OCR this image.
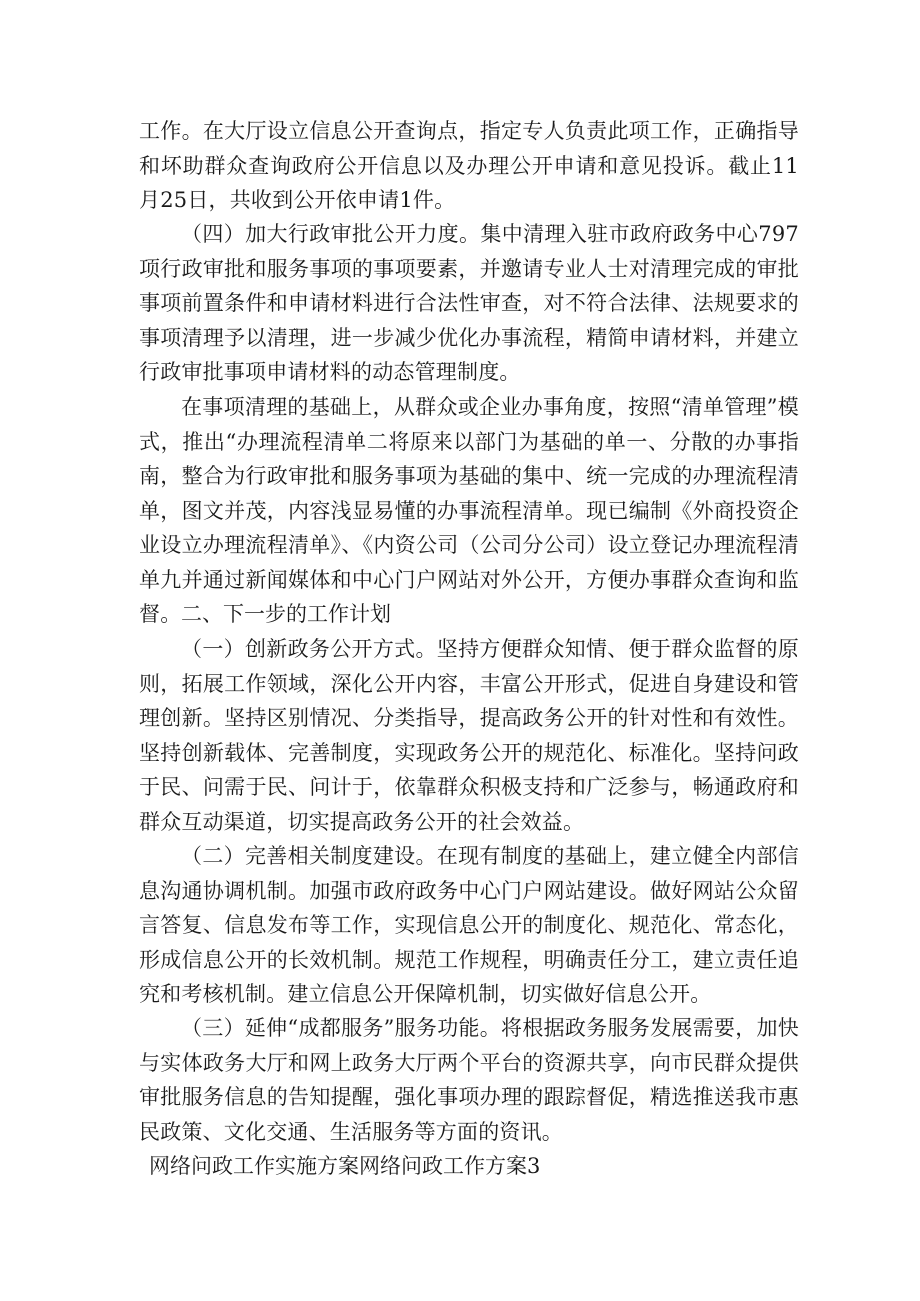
工作。在大厅设立信息公开查询点，指定专人负责此项工作，正确指导和坏助群众查询政府公开信息以及办理公开申请和意见投诉。截止11月25日，共收到公开依申请1件。

（四）加大行政审批公开力度。集中清理入驻市政府政务中心797项行政审批和服务事项的事项要素，并邀请专业人士对清理完成的审批事项前置条件和申请材料进行合法性审查，对不符合法律、法规要求的事项清理予以清理，进一步减少优化办事流程，精简申请材料，并建立行政审批事项申请材料的动态管理制度。

在事项清理的基础上，从群众或企业办事角度，按照“清单管理”模式，推出“办理流程清单二将原来以部门为基础的单一、分散的办事指南，整合为行政审批和服务事项为基础的集中、统一完成的办理流程清单，图文并茂，内容浅显易懂的办事流程清单。现已编制《外商投资企业设立办理流程清单》、《内资公司（公司分公司）设立登记办理流程清单九并通过新闻媒体和中心门户网站对外公开，方便办事群众查询和监督。 二、下一步的工作计划

（一）创新政务公开方式。坚持方便群众知情、便于群众监督的原则，拓展工作领域，深化公开内容，丰富公开形式，促进自身建设和管理创新。坚持区别情况、分类指导，提高政务公开的针对性和有效性。坚持创新载体、完善制度，实现政务公开的规范化、标准化。坚持问政于民、问需于民、问计于，依靠群众积极支持和广泛参与，畅通政府和群众互动渠道，切实提高政务公开的社会效益。

（二）完善相关制度建设。在现有制度的基础上，建立健全内部信息沟通协调机制。加强市政府政务中心门户网站建设。做好网站公众留言答复、信息发布等工作，实现信息公开的制度化、规范化、常态化，形成信息公开的长效机制。规范工作规程，明确责任分工，建立责任追究和考核机制。建立信息公开保障机制，切实做好信息公开。

（三）延伸“成都服务”服务功能。将根据政务服务发展需要，加快与实体政务大厅和网上政务大厅两个平台的资源共享，向市民群众提供审批服务信息的告知提醒，强化事项办理的跟踪督促，精选推送我市惠民政策、文化交通、生活服务等方面的资讯。

网络问政工作实施方案网络问政工作方案3
